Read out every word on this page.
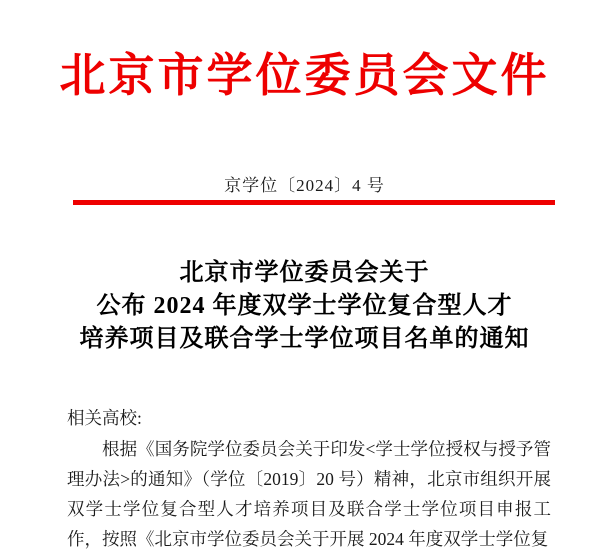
北京市学位委员会文件
京学位〔2024〕4 号
北京市学位委员会关于
公布 2024 年度双学士学位复合型人才
培养项目及联合学士学位项目名单的通知
相关高校:
根据《国务院学位委员会关于印发<学士学位授权与授予管理办法>的通知》（学位〔2019〕20 号）精神，北京市组织开展双学士学位复合型人才培养项目及联合学士学位项目申报工作，按照《北京市学位委员会关于开展 2024 年度双学士学位复
